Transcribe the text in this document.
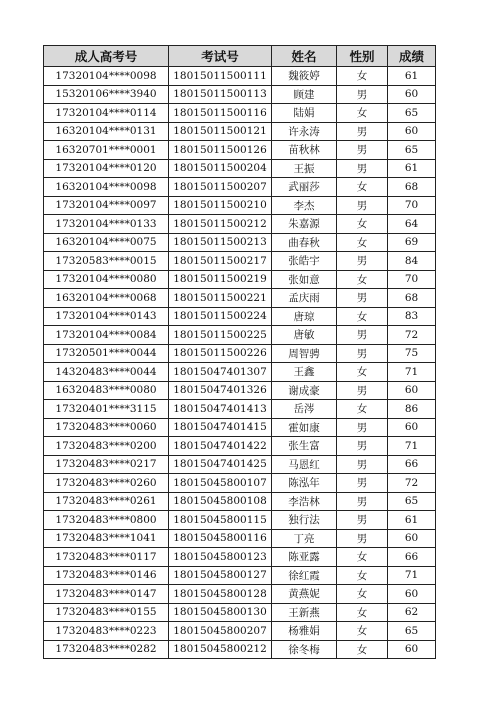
成人高考号	考试号	姓名	性别	成绩
17320104****0098	18015011500111	魏筱婷	女	61
15320106****3940	18015011500113	顾建	男	60
17320104****0114	18015011500116	陆娟	女	65
16320104****0131	18015011500121	许永涛	男	60
16320701****0001	18015011500126	苗秋林	男	65
17320104****0120	18015011500204	王振	男	61
16320104****0098	18015011500207	武丽莎	女	68
17320104****0097	18015011500210	李杰	男	70
17320104****0133	18015011500212	朱嘉源	女	64
16320104****0075	18015011500213	曲春秋	女	69
17320583****0015	18015011500217	张皓宇	男	84
17320104****0080	18015011500219	张如意	女	70
16320104****0068	18015011500221	孟庆雨	男	68
17320104****0143	18015011500224	唐琼	女	83
17320104****0084	18015011500225	唐敏	男	72
17320501****0044	18015011500226	周智骋	男	75
14320483****0044	18015047401307	王鑫	女	71
16320483****0080	18015047401326	谢成豪	男	60
17320401****3115	18015047401413	岳涔	女	86
17320483****0060	18015047401415	霍如康	男	60
17320483****0200	18015047401422	张生富	男	71
17320483****0217	18015047401425	马恩红	男	66
17320483****0260	18015045800107	陈泓年	男	72
17320483****0261	18015045800108	李浩林	男	65
17320483****0800	18015045800115	独行法	男	61
17320483****1041	18015045800116	丁亮	男	60
17320483****0117	18015045800123	陈亚露	女	66
17320483****0146	18015045800127	徐红霞	女	71
17320483****0147	18015045800128	黄燕妮	女	60
17320483****0155	18015045800130	王新燕	女	62
17320483****0223	18015045800207	杨雅娟	女	65
17320483****0282	18015045800212	徐冬梅	女	60
